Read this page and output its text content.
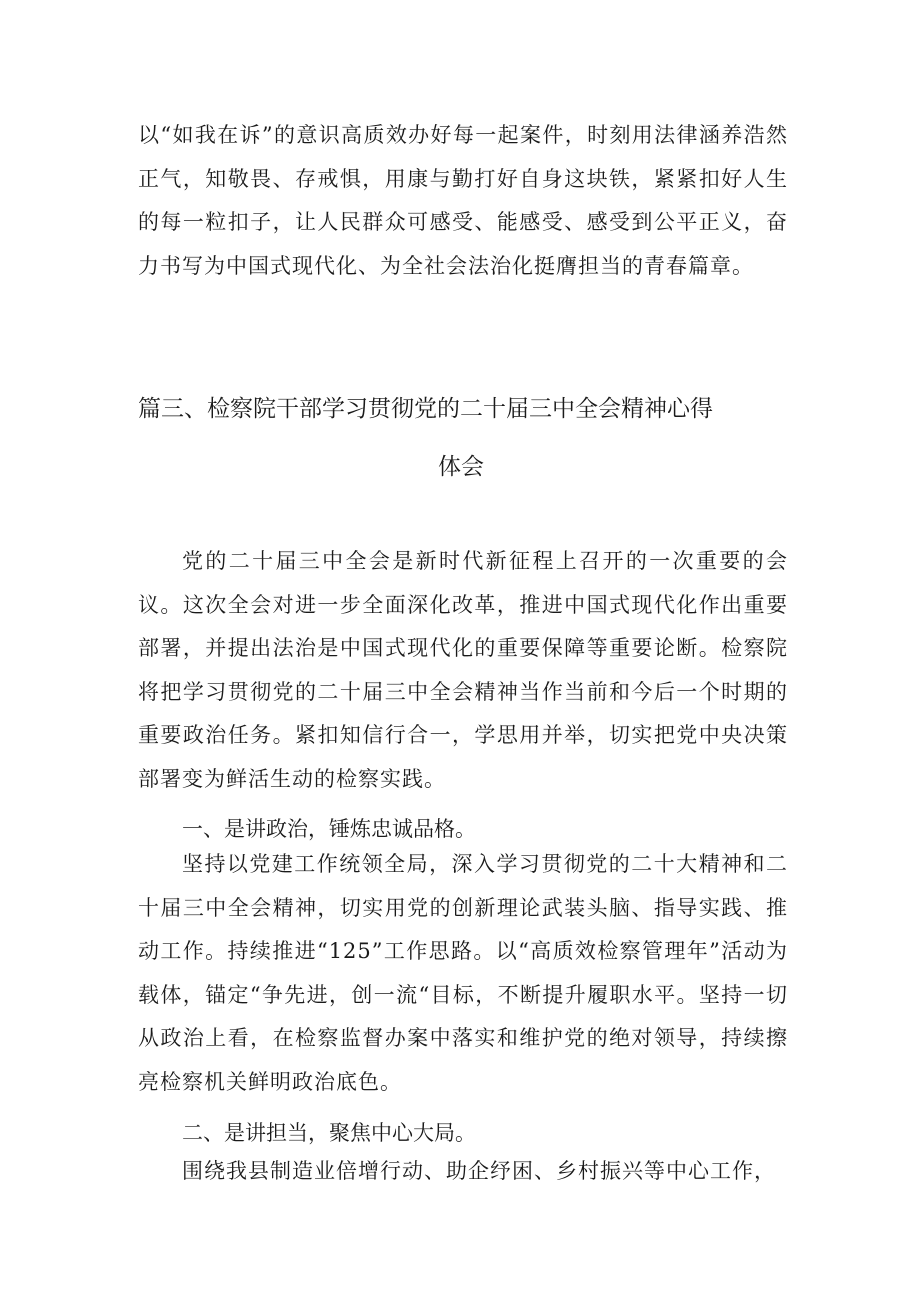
以“如我在诉”的意识高质效办好每一起案件，时刻用法律涵养浩然正气，知敬畏、存戒惧，用康与勤打好自身这块铁，紧紧扣好人生的每一粒扣子，让人民群众可感受、能感受、感受到公平正义，奋力书写为中国式现代化、为全社会法治化挺膺担当的青春篇章。

篇三、检察院干部学习贯彻党的二十届三中全会精神心得

体会

党的二十届三中全会是新时代新征程上召开的一次重要的会议。这次全会对进一步全面深化改革，推进中国式现代化作出重要部署，并提出法治是中国式现代化的重要保障等重要论断。检察院将把学习贯彻党的二十届三中全会精神当作当前和今后一个时期的重要政治任务。紧扣知信行合一，学思用并举，切实把党中央决策部署变为鲜活生动的检察实践。

一、是讲政治，锤炼忠诚品格。

坚持以党建工作统领全局，深入学习贯彻党的二十大精神和二十届三中全会精神，切实用党的创新理论武装头脑、指导实践、推动工作。持续推进“125”工作思路。以“高质效检察管理年”活动为载体，锚定“争先进，创一流“目标，不断提升履职水平。坚持一切从政治上看，在检察监督办案中落实和维护党的绝对领导，持续擦亮检察机关鲜明政治底色。

二、是讲担当，聚焦中心大局。

围绕我县制造业倍增行动、助企纾困、乡村振兴等中心工作，
